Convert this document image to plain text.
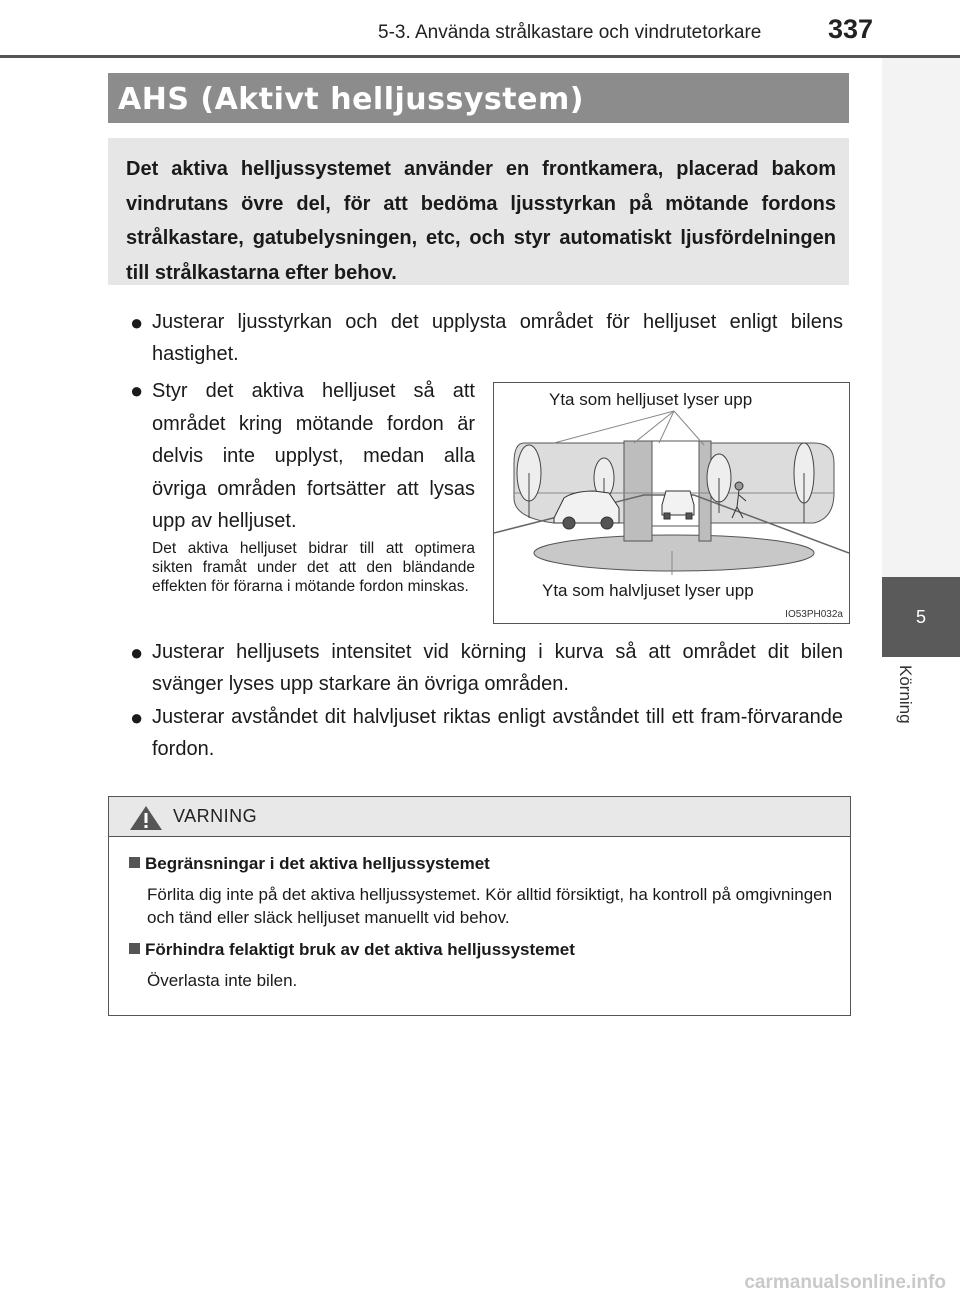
5-3. Använda strålkastare och vindrutetorkare 337
5
Körning
AHS (Aktivt helljussystem)

Det aktiva helljussystemet använder en frontkamera, placerad bakom vindrutans övre del, för att bedöma ljusstyrkan på mötande fordons strålkastare, gatubelysningen, etc, och styr automatiskt ljusfördelningen till strålkastarna efter behov.

● Justerar ljusstyrkan och det upplysta området för helljuset enligt bilens hastighet.
● Styr det aktiva helljuset så att området kring mötande fordon är delvis inte upplyst, medan alla övriga områden fortsätter att lysas upp av helljuset.
Det aktiva helljuset bidrar till att optimera sikten framåt under det att den bländande effekten för förarna i mötande fordon minskas.
Yta som helljuset lyser upp
Yta som halvljuset lyser upp
IO53PH032a
● Justerar helljusets intensitet vid körning i kurva så att området dit bilen svänger lyses upp starkare än övriga områden.
● Justerar avståndet dit halvljuset riktas enligt avståndet till ett fram-förvarande fordon.
VARNING
Begränsningar i det aktiva helljussystemet
Förlita dig inte på det aktiva helljussystemet. Kör alltid försiktigt, ha kontroll på omgivningen och tänd eller släck helljuset manuellt vid behov.
Förhindra felaktigt bruk av det aktiva helljussystemet
Överlasta inte bilen.
carmanualsonline.info
